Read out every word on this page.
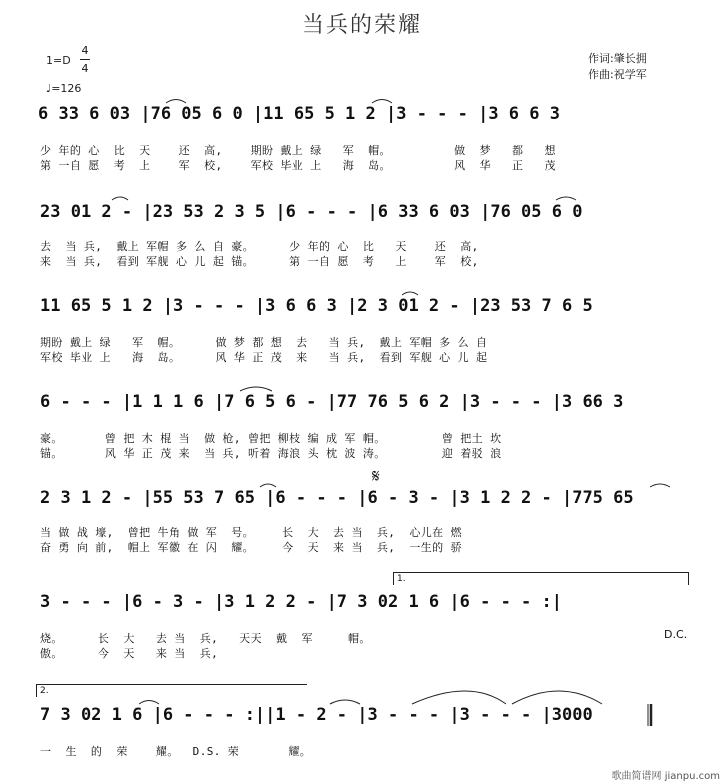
当兵的荣耀
1=D
4
4
♩=126
作词:肇长拥
作曲:祝学军
6 33 6 03 |76 05 6 0 |11 65 5 1 2 |3 - - - |3 6 6 3
少 年的 心  比  天    还  高,    期盼 戴上 绿   军  帽。         做  梦   都   想
第 一自 愿  考  上    军  校,    军校 毕业 上   海  岛。         风  华   正   茂
23 01 2 - |23 53 2 3 5 |6 - - - |6 33 6 03 |76 05 6 0
去  当 兵,  戴上 军帽 多 么 自 豪。     少 年的 心  比   天    还  高,
来  当 兵,  看到 军舰 心 儿 起 锚。     第 一自 愿  考   上    军  校,
11 65 5 1 2 |3 - - - |3 6 6 3 |2 3 01 2 - |23 53 7 6 5
期盼 戴上 绿   军  帽。     做 梦 都 想  去   当 兵,  戴上 军帽 多 么 自
军校 毕业 上   海  岛。     风 华 正 茂  来   当 兵,  看到 军舰 心 儿 起
6 - - - |1 1 1 6 |7 6 5 6 - |77 76 5 6 2 |3 - - - |3 66 3
豪。      曾 把 木 棍 当  做 枪, 曾把 柳枝 编 成 军 帽。        曾 把土 坎
锚。      风 华 正 茂 来  当 兵, 听着 海浪 头 枕 波 涛。        迎 着驳 浪
2 3 1 2 - |55 53 7 65 |6 - - - |6 - 3 - |3 1 2 2 - |775 65
当 做 战 壕,  曾把 牛角 做 军  号。    长  大  去 当  兵,  心儿在 燃
奋 勇 向 前,  帽上 军徽 在 闪  耀。    今  天  来 当  兵,  一生的 骄
3 - - - |6 - 3 - |3 1 2 2 - |7 3 02 1 6 |6 - - - :|
烧。     长  大   去 当  兵,   天天  戴  军     帽。
傲。     今  天   来 当  兵,
D.C.
7 3 02 1 6 |6 - - - :||1 - 2 - |3 - - - |3 - - - |3000
一  生  的  荣    耀。  D.S. 荣       耀。
1.
2.
𝄋
歌曲简谱网 jianpu.com
